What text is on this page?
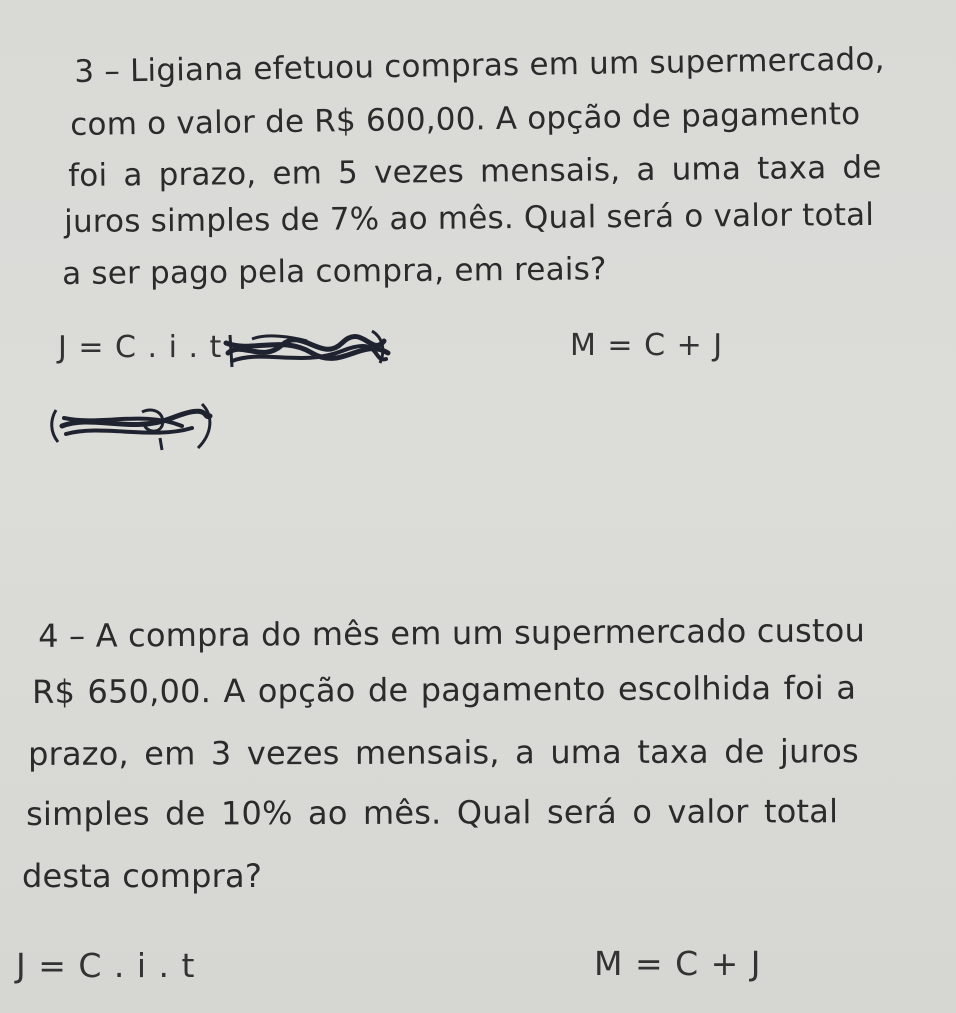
3 – Ligiana efetuou compras em um supermercado,
com o valor de R$ 600,00. A opção de pagamento
foi a prazo, em 5 vezes mensais, a uma taxa de
juros simples de 7% ao mês. Qual será o valor total
a ser pago pela compra, em reais?
J = C . i . t	M = C + J
4 – A compra do mês em um supermercado custou
R$ 650,00. A opção de pagamento escolhida foi a
prazo, em 3 vezes mensais, a uma taxa de juros
simples de 10% ao mês. Qual será o valor total
desta compra?
J = C . i . t	M = C + J
